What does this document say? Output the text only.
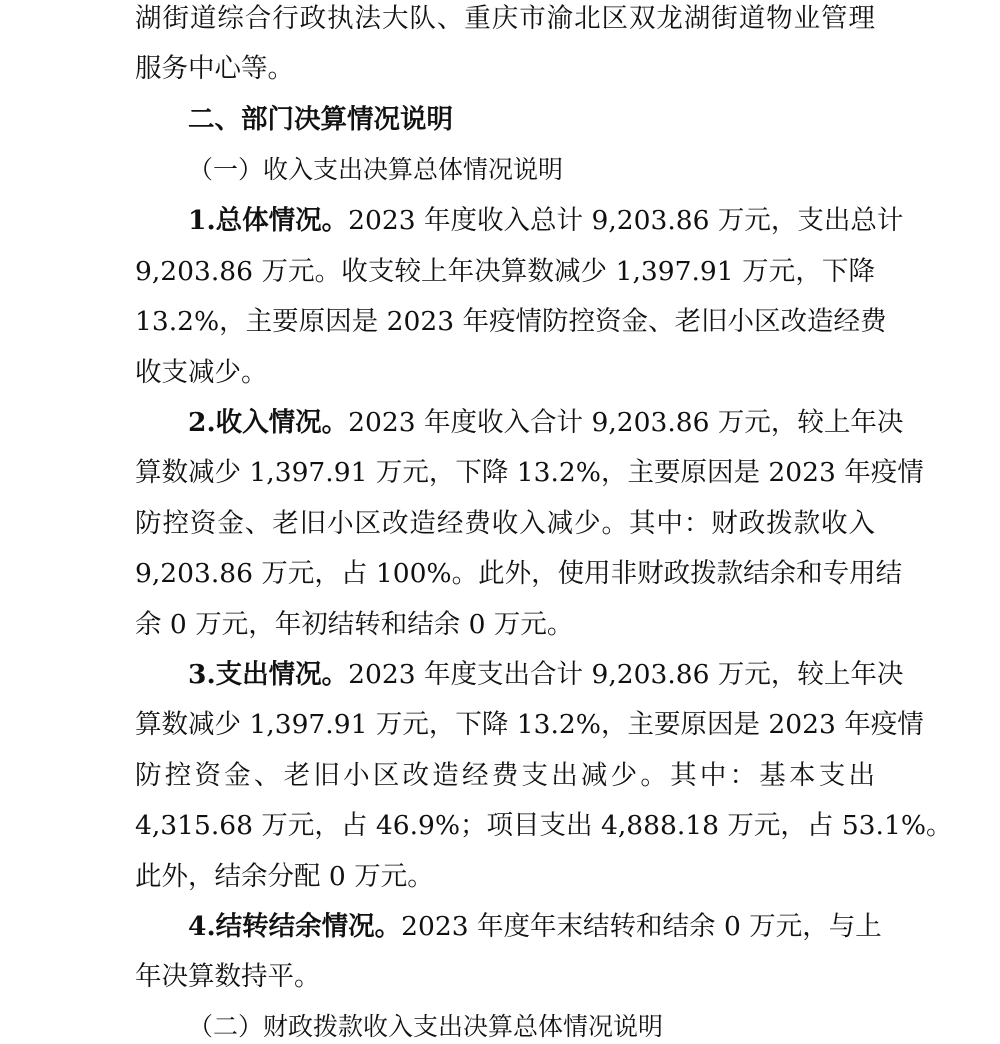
湖街道综合行政执法大队、重庆市渝北区双龙湖街道物业管理
服务中心等。
二、部门决算情况说明
（一）收入支出决算总体情况说明
1.总体情况。2023 年度收入总计 9,203.86 万元，支出总计
9,203.86 万元。收支较上年决算数减少 1,397.91 万元，下降
13.2%，主要原因是 2023 年疫情防控资金、老旧小区改造经费
收支减少。
2.收入情况。2023 年度收入合计 9,203.86 万元，较上年决
算数减少 1,397.91 万元，下降 13.2%，主要原因是 2023 年疫情
防控资金、老旧小区改造经费收入减少。其中：财政拨款收入
9,203.86 万元，占 100%。此外，使用非财政拨款结余和专用结
余 0 万元，年初结转和结余 0 万元。
3.支出情况。2023 年度支出合计 9,203.86 万元，较上年决
算数减少 1,397.91 万元，下降 13.2%，主要原因是 2023 年疫情
防控资金、老旧小区改造经费支出减少。其中：基本支出
4,315.68 万元，占 46.9%；项目支出 4,888.18 万元，占 53.1%。
此外，结余分配 0 万元。
4.结转结余情况。2023 年度年末结转和结余 0 万元，与上
年决算数持平。
（二）财政拨款收入支出决算总体情况说明
